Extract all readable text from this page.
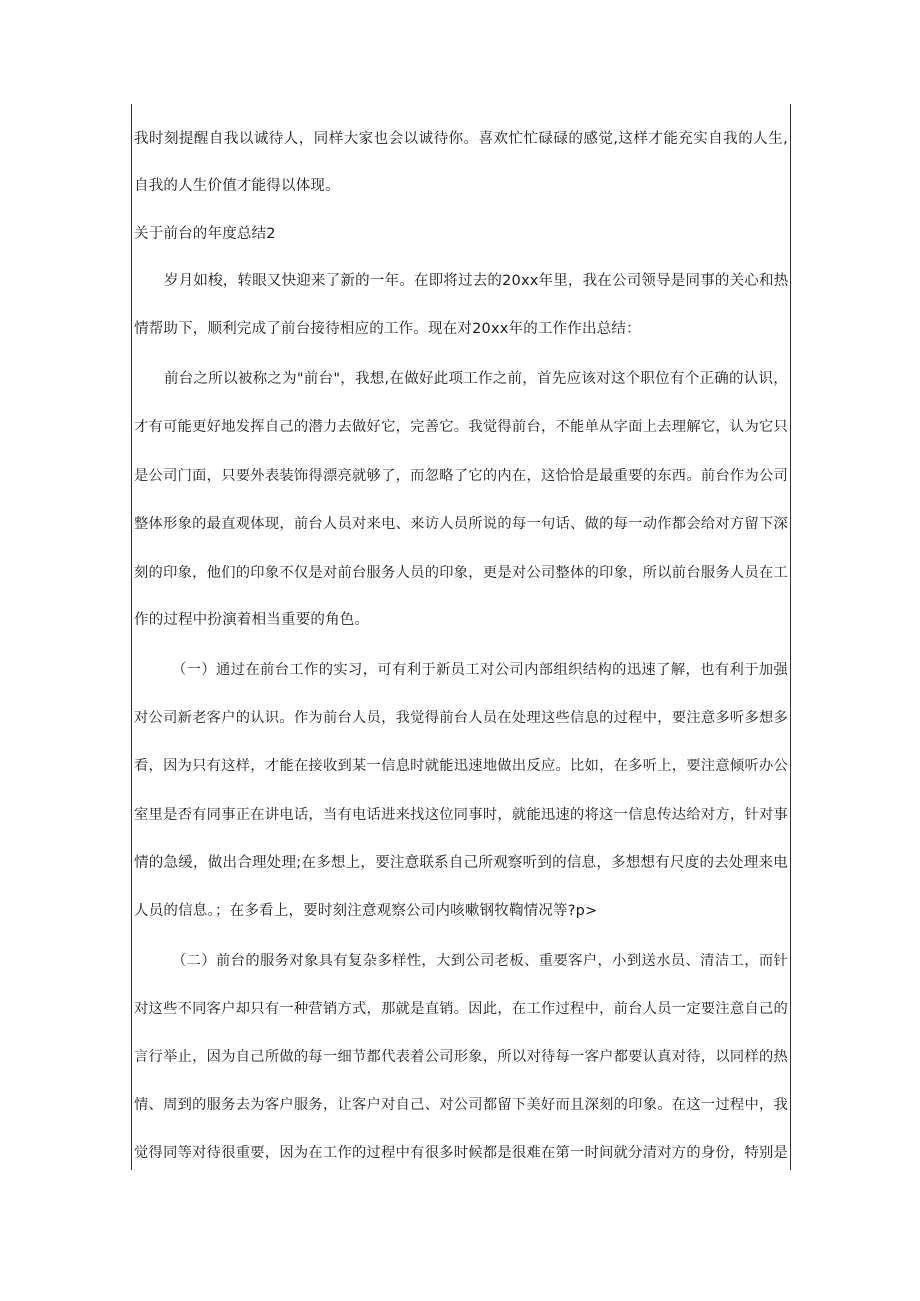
我时刻提醒自我以诚待人，同样大家也会以诚待你。喜欢忙忙碌碌的感觉,这样才能充实自我的人生,
自我的人生价值才能得以体现。
关于前台的年度总结2
岁月如梭，转眼又快迎来了新的一年。在即将过去的20xx年里，我在公司领导是同事的关心和热
情帮助下，顺利完成了前台接待相应的工作。现在对20xx年的工作作出总结：
前台之所以被称之为"前台"，我想,在做好此项工作之前，首先应该对这个职位有个正确的认识，
才有可能更好地发挥自己的潜力去做好它，完善它。我觉得前台，不能单从字面上去理解它，认为它只
是公司门面，只要外表装饰得漂亮就够了，而忽略了它的内在，这恰恰是最重要的东西。前台作为公司
整体形象的最直观体现，前台人员对来电、来访人员所说的每一句话、做的每一动作都会给对方留下深
刻的印象，他们的印象不仅是对前台服务人员的印象，更是对公司整体的印象，所以前台服务人员在工
作的过程中扮演着相当重要的角色。
（一）通过在前台工作的实习，可有利于新员工对公司内部组织结构的迅速了解，也有利于加强
对公司新老客户的认识。作为前台人员，我觉得前台人员在处理这些信息的过程中，要注意多听多想多
看，因为只有这样，才能在接收到某一信息时就能迅速地做出反应。比如，在多听上，要注意倾听办公
室里是否有同事正在讲电话，当有电话进来找这位同事时，就能迅速的将这一信息传达给对方，针对事
情的急缓，做出合理处理;在多想上，要注意联系自己所观察听到的信息，多想想有尺度的去处理来电
人员的信息。；在多看上，要时刻注意观察公司内咳嗽钢牧鞫情况等?p>
（二）前台的服务对象具有复杂多样性，大到公司老板、重要客户，小到送水员、清洁工，而针
对这些不同客户却只有一种营销方式，那就是直销。因此，在工作过程中，前台人员一定要注意自己的
言行举止，因为自己所做的每一细节都代表着公司形象，所以对待每一客户都要认真对待，以同样的热
情、周到的服务去为客户服务，让客户对自己、对公司都留下美好而且深刻的印象。在这一过程中，我
觉得同等对待很重要，因为在工作的过程中有很多时候都是很难在第一时间就分清对方的身份，特别是
